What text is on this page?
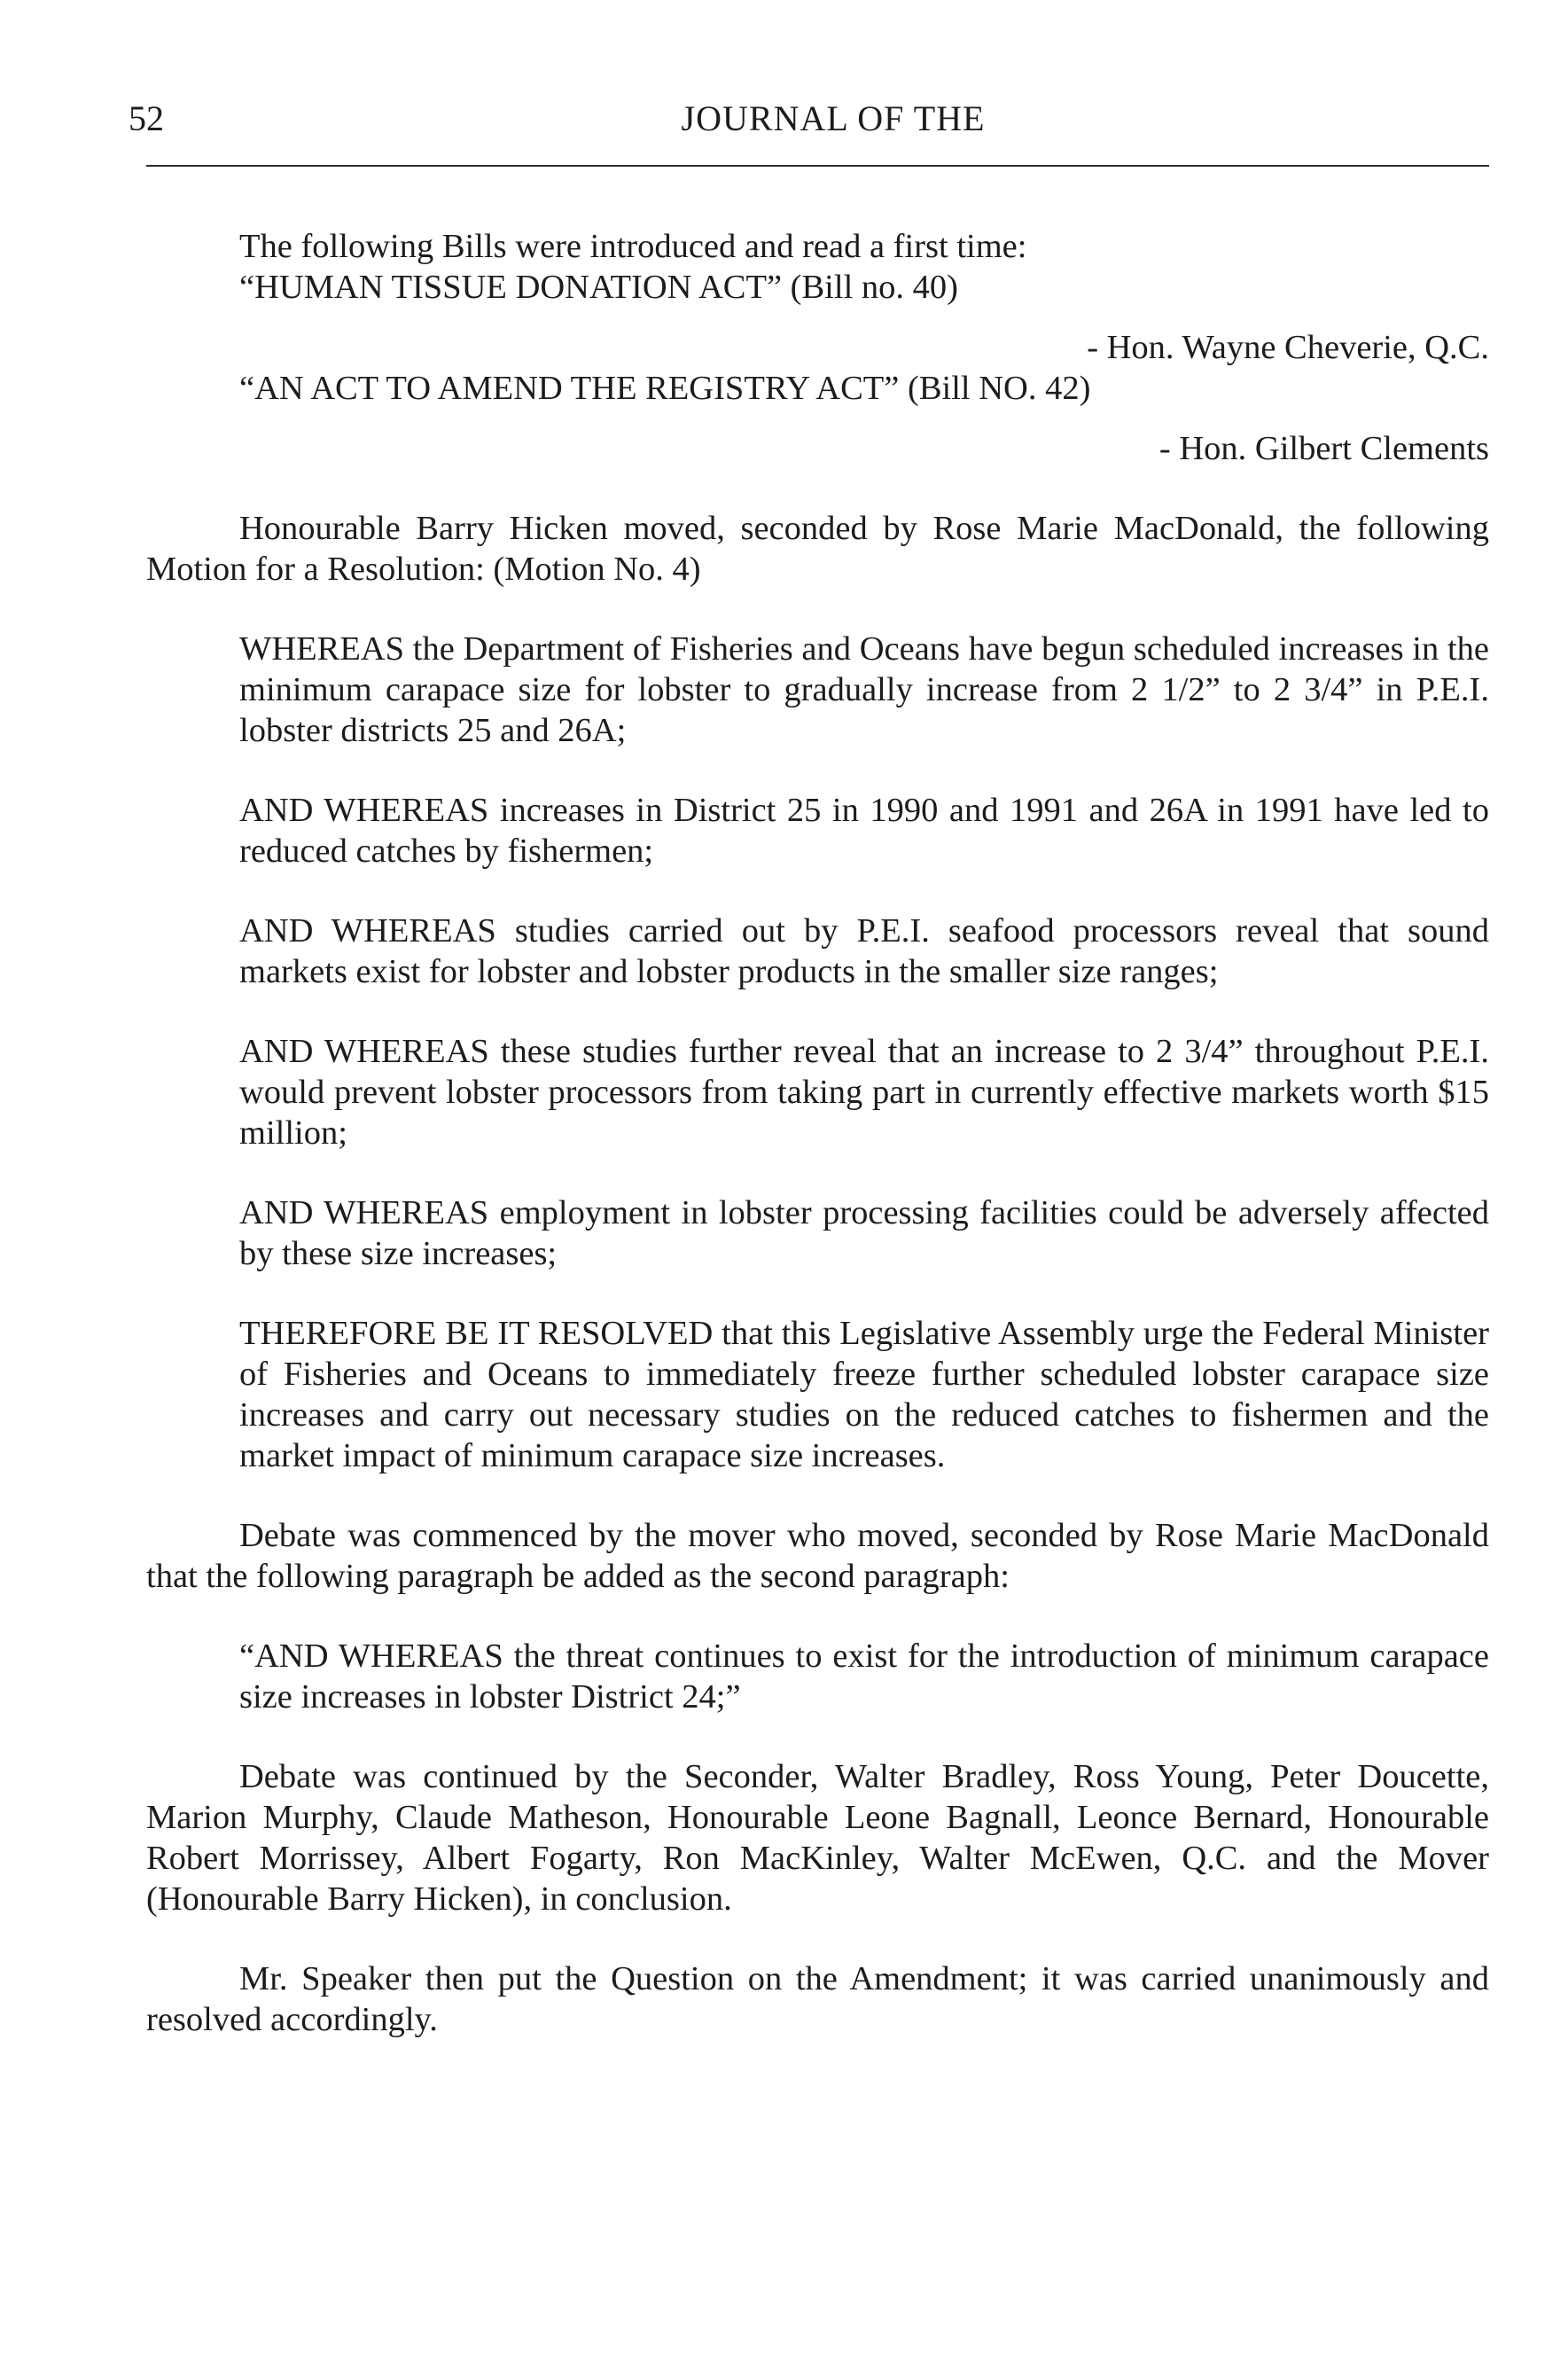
52	JOURNAL OF THE

The following Bills were introduced and read a first time:

“HUMAN TISSUE DONATION ACT” (Bill no. 40)

- Hon. Wayne Cheverie, Q.C.

“AN ACT TO AMEND THE REGISTRY ACT” (Bill NO. 42)

- Hon. Gilbert Clements

Honourable Barry Hicken moved, seconded by Rose Marie MacDonald, the following Motion for a Resolution: (Motion No. 4)

WHEREAS the Department of Fisheries and Oceans have begun scheduled increases in the minimum carapace size for lobster to gradually increase from 2 1/2” to 2 3/4” in P.E.I. lobster districts 25 and 26A;

AND WHEREAS increases in District 25 in 1990 and 1991 and 26A in 1991 have led to reduced catches by fishermen;

AND WHEREAS studies carried out by P.E.I. seafood processors reveal that sound markets exist for lobster and lobster products in the smaller size ranges;

AND WHEREAS these studies further reveal that an increase to 2 3/4” throughout P.E.I. would prevent lobster processors from taking part in currently effective markets worth $15 million;

AND WHEREAS employment in lobster processing facilities could be adversely affected by these size increases;

THEREFORE BE IT RESOLVED that this Legislative Assembly urge the Federal Minister of Fisheries and Oceans to immediately freeze further scheduled lobster carapace size increases and carry out necessary studies on the reduced catches to fishermen and the market impact of minimum carapace size increases.

Debate was commenced by the mover who moved, seconded by Rose Marie MacDonald that the following paragraph be added as the second paragraph:

“AND WHEREAS the threat continues to exist for the introduction of minimum carapace size increases in lobster District 24;”

Debate was continued by the Seconder, Walter Bradley, Ross Young, Peter Doucette, Marion Murphy, Claude Matheson, Honourable Leone Bagnall, Leonce Bernard, Honourable Robert Morrissey, Albert Fogarty, Ron MacKinley, Walter McEwen, Q.C. and the Mover (Honourable Barry Hicken), in conclusion.

Mr. Speaker then put the Question on the Amendment; it was carried unanimously and resolved accordingly.
